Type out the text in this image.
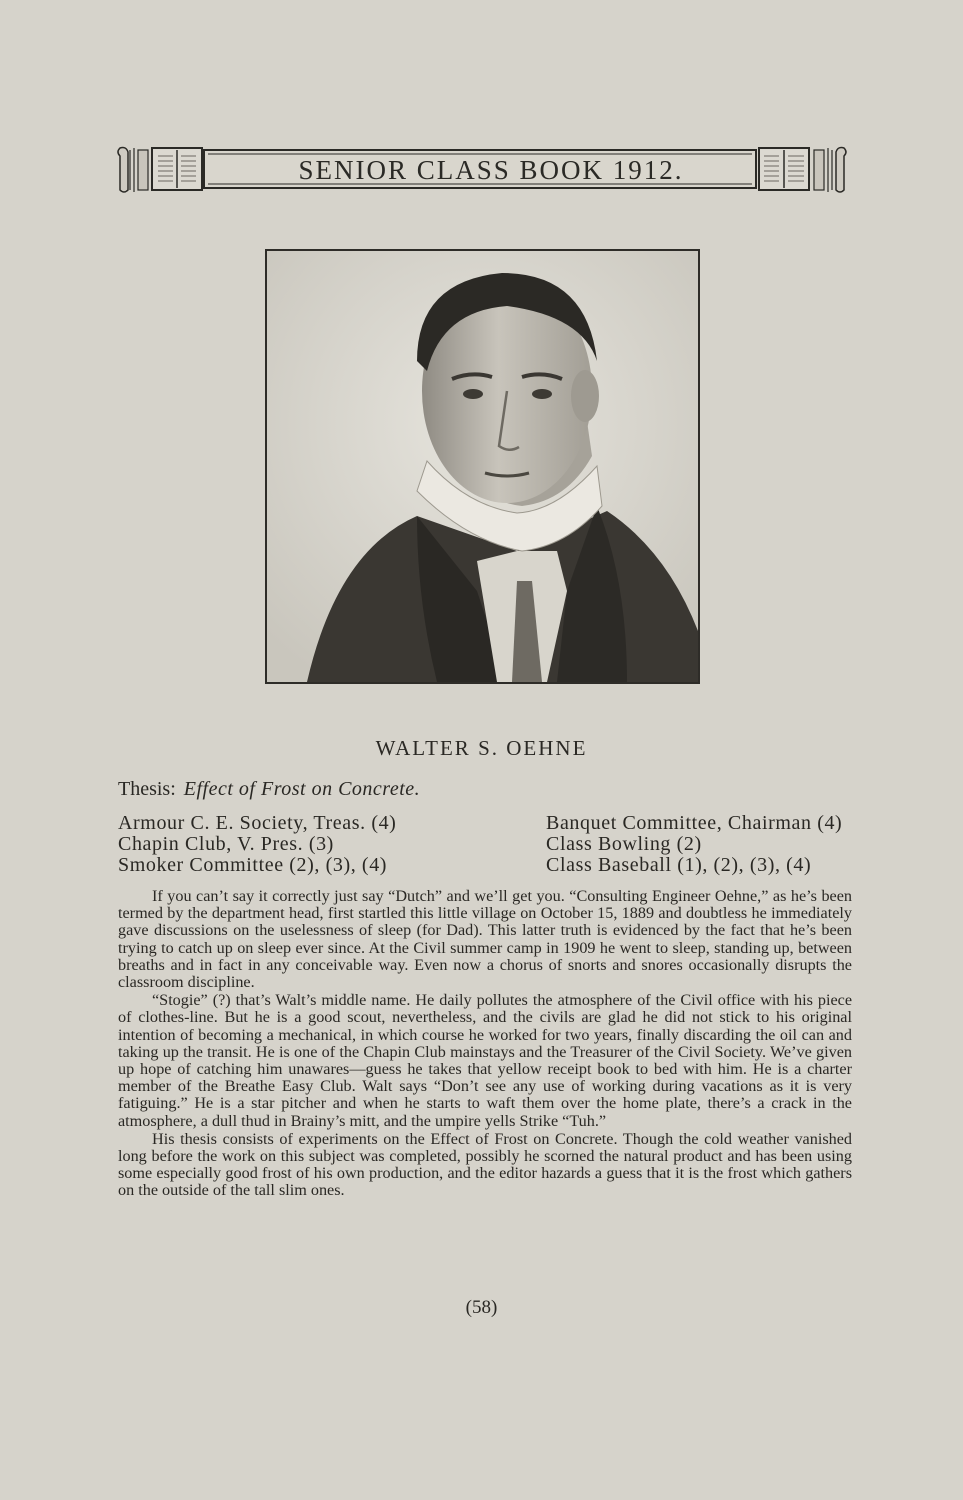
SENIOR CLASS BOOK 1912.
WALTER S. OEHNE
Thesis: Effect of Frost on Concrete.
Armour C. E. Society, Treas. (4)
Chapin Club, V. Pres. (3)
Smoker Committee (2), (3), (4)
Banquet Committee, Chairman (4)
Class Bowling (2)
Class Baseball (1), (2), (3), (4)

If you can’t say it correctly just say “Dutch” and we’ll get you. “Consulting Engineer Oehne,” as he’s been termed by the department head, first startled this little village on October 15, 1889 and doubtless he immediately gave discussions on the uselessness of sleep (for Dad). This latter truth is evidenced by the fact that he’s been trying to catch up on sleep ever since. At the Civil summer camp in 1909 he went to sleep, standing up, between breaths and in fact in any conceivable way. Even now a chorus of snorts and snores occasionally disrupts the classroom discipline.

“Stogie” (?) that’s Walt’s middle name. He daily pollutes the atmosphere of the Civil office with his piece of clothes-line. But he is a good scout, nevertheless, and the civils are glad he did not stick to his original intention of becoming a mechanical, in which course he worked for two years, finally discarding the oil can and taking up the transit. He is one of the Chapin Club mainstays and the Treasurer of the Civil Society. We’ve given up hope of catching him unawares—guess he takes that yellow receipt book to bed with him. He is a charter member of the Breathe Easy Club. Walt says “Don’t see any use of working during vacations as it is very fatiguing.” He is a star pitcher and when he starts to waft them over the home plate, there’s a crack in the atmosphere, a dull thud in Brainy’s mitt, and the umpire yells Strike “Tuh.”

His thesis consists of experiments on the Effect of Frost on Concrete. Though the cold weather vanished long before the work on this subject was completed, possibly he scorned the natural product and has been using some especially good frost of his own production, and the editor hazards a guess that it is the frost which gathers on the outside of the tall slim ones.

(58)
